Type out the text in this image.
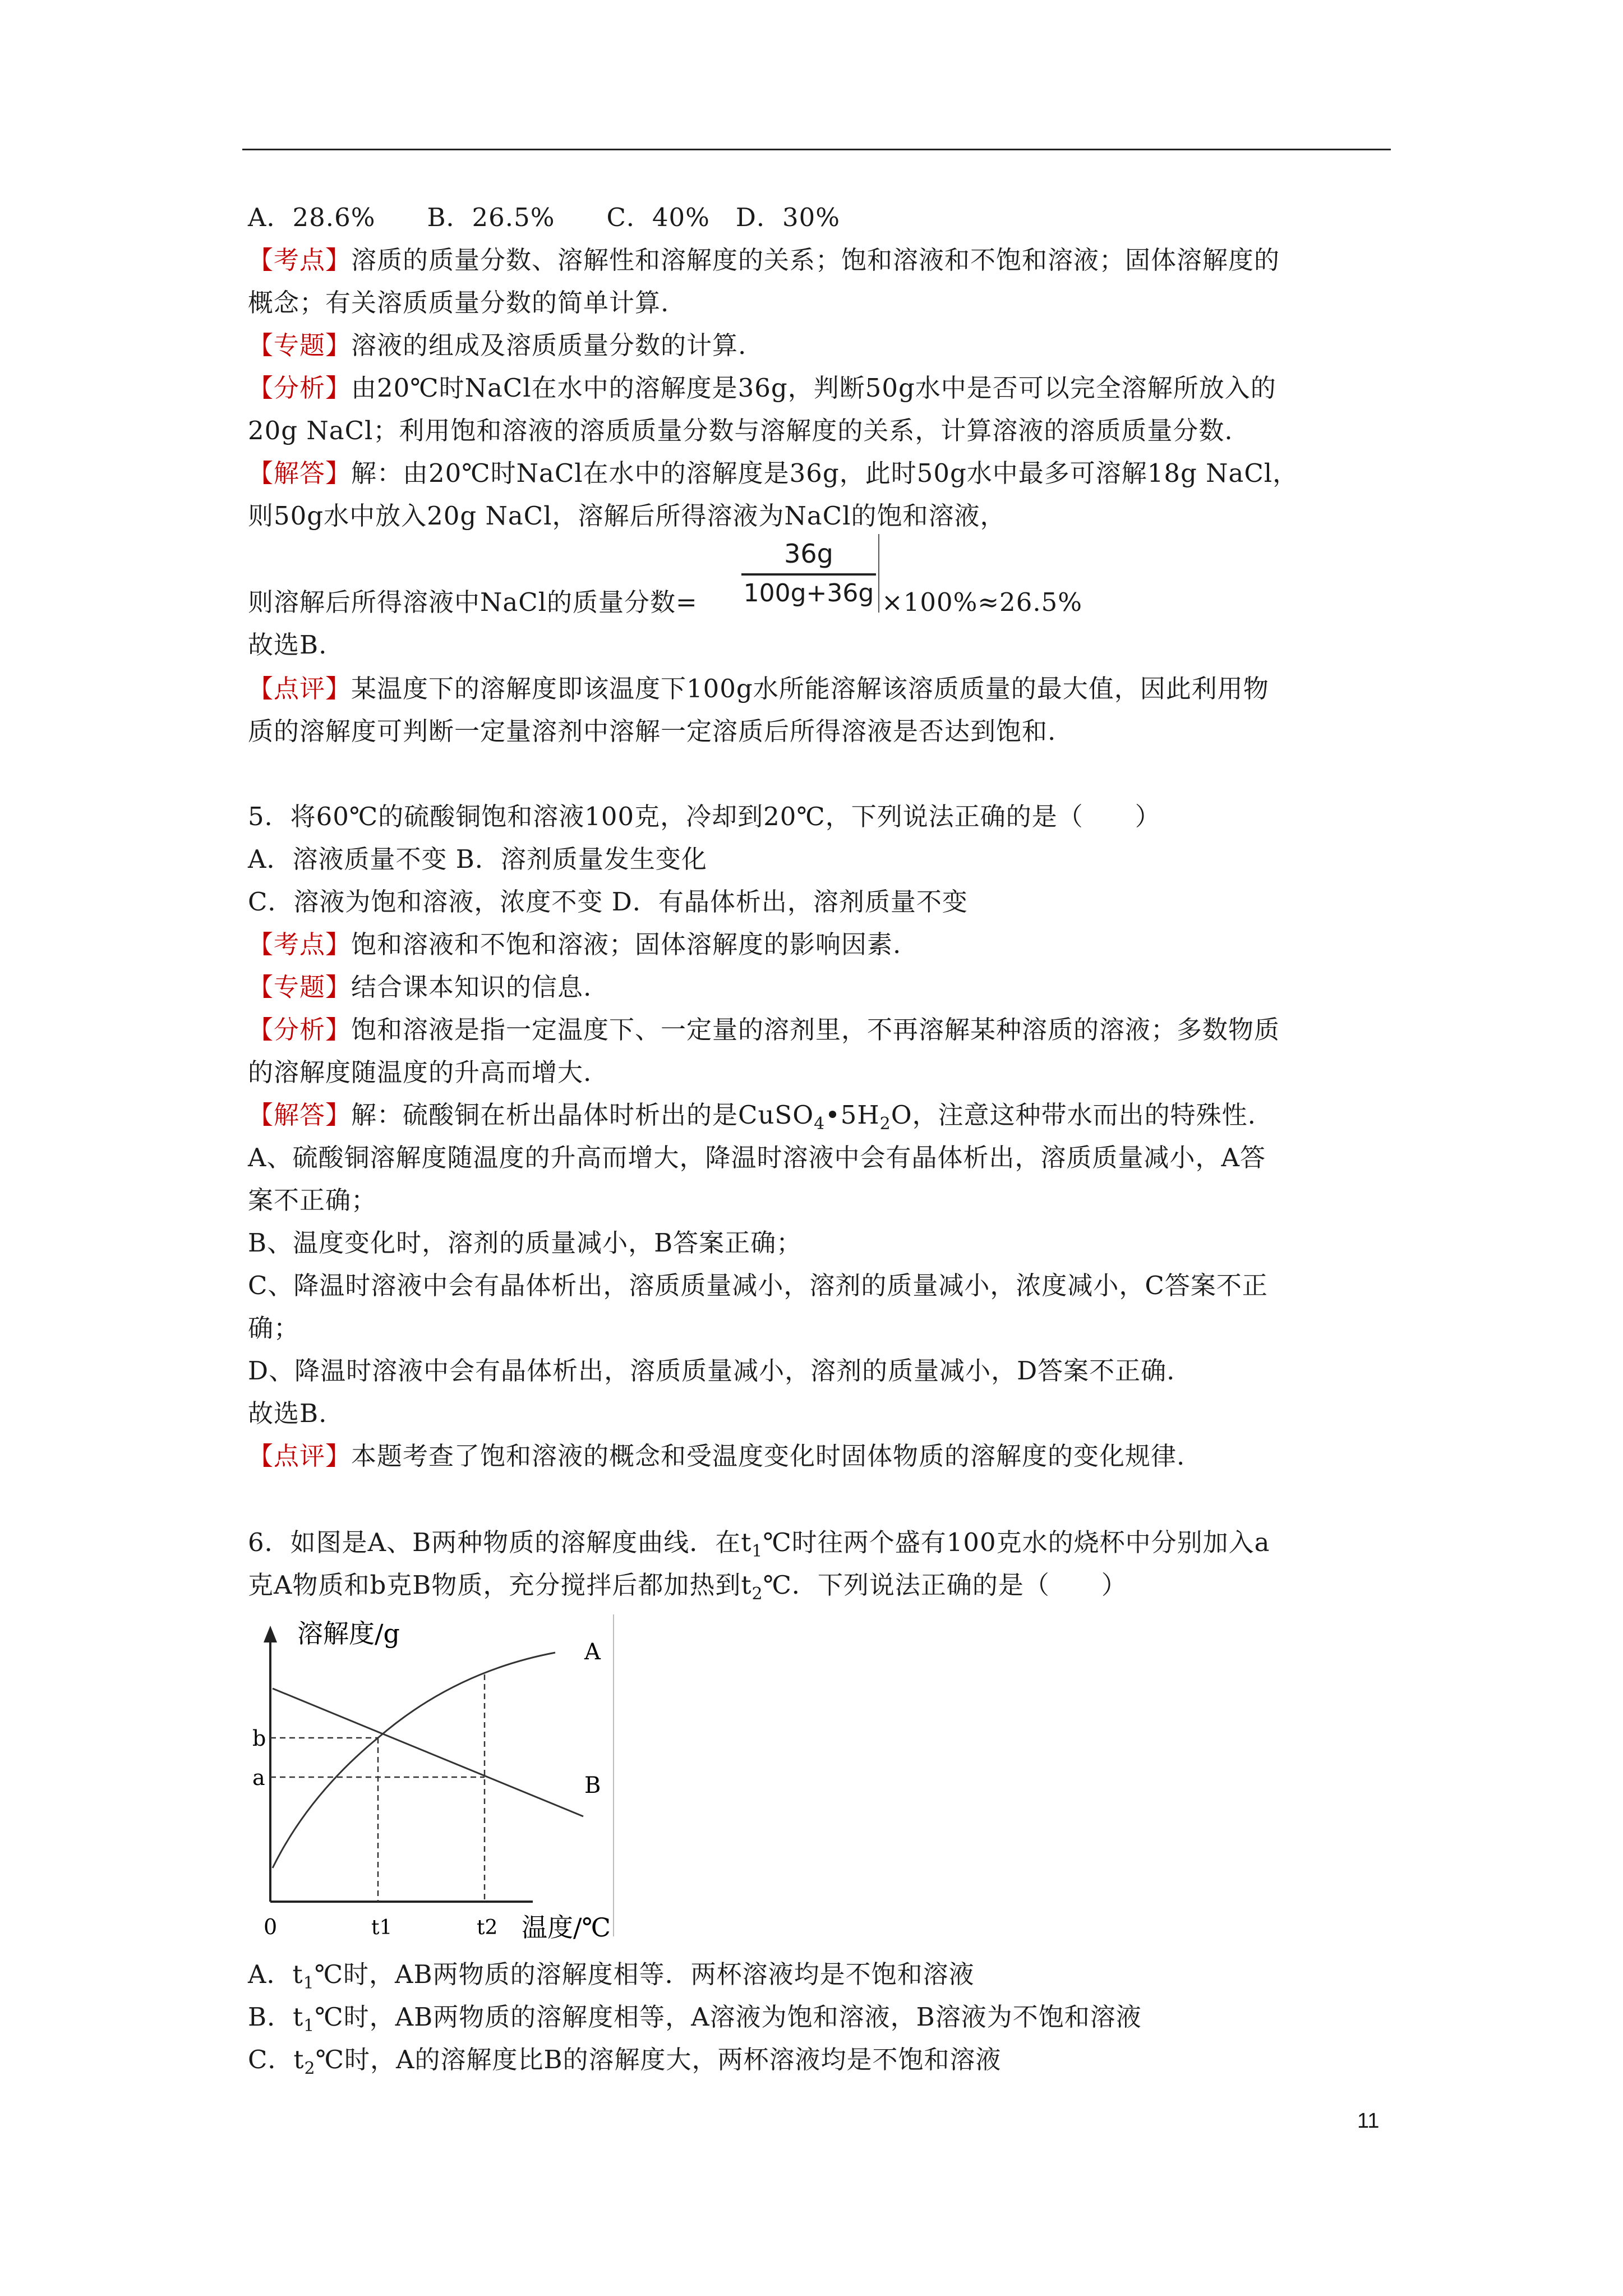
A．28.6%　　B．26.5%　　C．40%　D．30%
【考点】溶质的质量分数、溶解性和溶解度的关系；饱和溶液和不饱和溶液；固体溶解度的
概念；有关溶质质量分数的简单计算.
【专题】溶液的组成及溶质质量分数的计算.
【分析】由20℃时NaCl在水中的溶解度是36g，判断50g水中是否可以完全溶解所放入的
20g NaCl；利用饱和溶液的溶质质量分数与溶解度的关系，计算溶液的溶质质量分数.
【解答】解：由20℃时NaCl在水中的溶解度是36g，此时50g水中最多可溶解18g NaCl，
则50g水中放入20g NaCl，溶解后所得溶液为NaCl的饱和溶液，
则溶解后所得溶液中NaCl的质量分数=
36g
100g+36g ×100%≈26.5%
故选B.
【点评】某温度下的溶解度即该温度下100g水所能溶解该溶质质量的最大值，因此利用物
质的溶解度可判断一定量溶剂中溶解一定溶质后所得溶液是否达到饱和.
5．将60℃的硫酸铜饱和溶液100克，冷却到20℃，下列说法正确的是（　　）
A．溶液质量不变 B．溶剂质量发生变化
C．溶液为饱和溶液，浓度不变 D．有晶体析出，溶剂质量不变
【考点】饱和溶液和不饱和溶液；固体溶解度的影响因素.
【专题】结合课本知识的信息.
【分析】饱和溶液是指一定温度下、一定量的溶剂里，不再溶解某种溶质的溶液；多数物质
的溶解度随温度的升高而增大.
【解答】解：硫酸铜在析出晶体时析出的是$CuSO_4•5H_2O$，注意这种带水而出的特殊性.
A、硫酸铜溶解度随温度的升高而增大，降温时溶液中会有晶体析出，溶质质量减小，A答
案不正确；
B、温度变化时，溶剂的质量减小，B答案正确；
C、降温时溶液中会有晶体析出，溶质质量减小，溶剂的质量减小，浓度减小，C答案不正
确；
D、降温时溶液中会有晶体析出，溶质质量减小，溶剂的质量减小，D答案不正确.
故选B.
【点评】本题考查了饱和溶液的概念和受温度变化时固体物质的溶解度的变化规律.
6．如图是A、B两种物质的溶解度曲线．在$t_1℃$时往两个盛有100克水的烧杯中分别加入a
克A物质和b克B物质，充分搅拌后都加热到$t_2℃$．下列说法正确的是（　　）
溶解度/g
温度/℃
0	t1	t2
b
a
A
B
A．$t_1℃$时，AB两物质的溶解度相等．两杯溶液均是不饱和溶液
B．$t_1℃$时，AB两物质的溶解度相等，A溶液为饱和溶液，B溶液为不饱和溶液
C．$t_2℃$时，A的溶解度比B的溶解度大，两杯溶液均是不饱和溶液
11
